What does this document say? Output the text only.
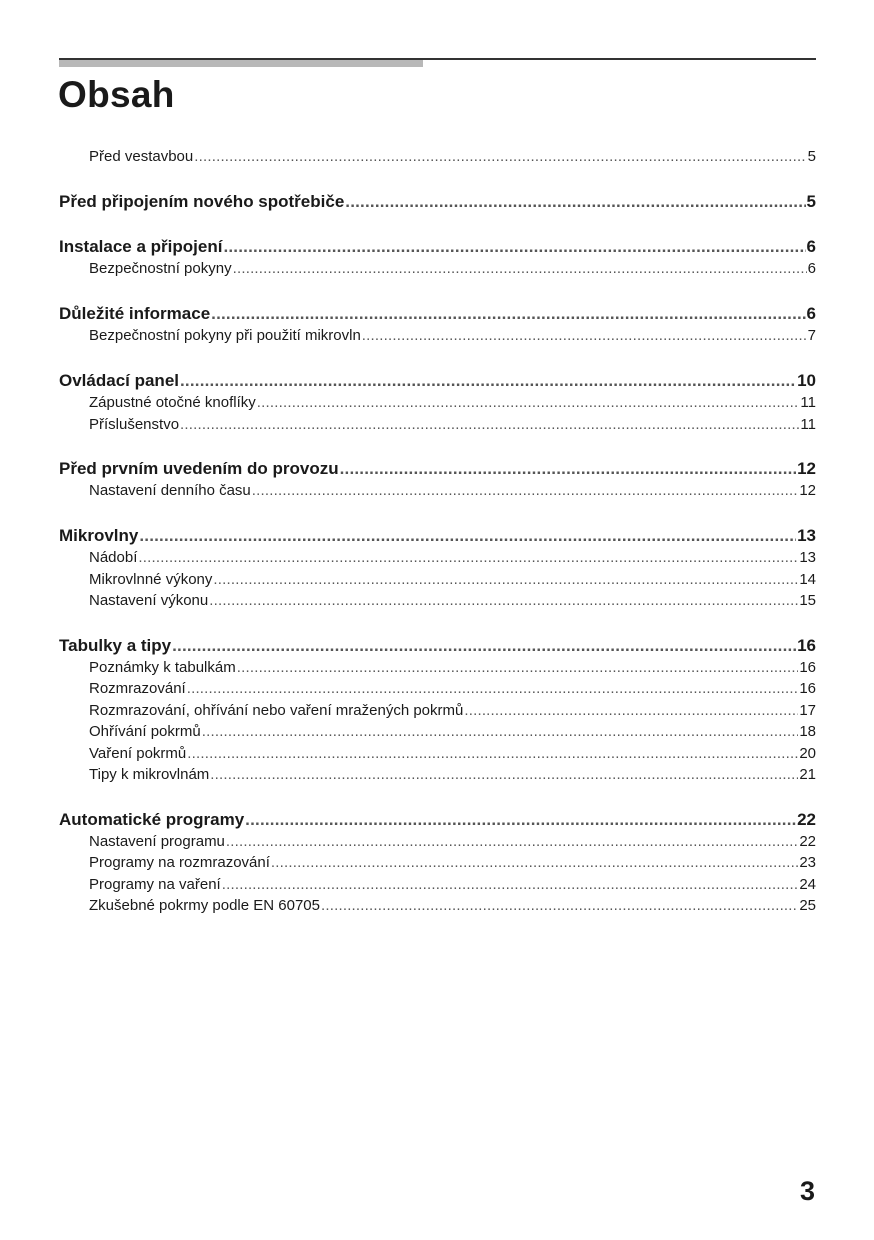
Obsah
Před vestavbou .....	5
Před připojením nového spotřebiče .....	5
Instalace a připojení .....	6
Bezpečnostní pokyny .....	6
Důležité informace .....	6
Bezpečnostní pokyny při použití mikrovln .....	7
Ovládací panel .....	10
Zápustné otočné knoflíky .....	11
Příslušenstvo .....	11
Před prvním uvedením do provozu .....	12
Nastavení denního času .....	12
Mikrovlny .....	13
Nádobí .....	13
Mikrovlnné výkony .....	14
Nastavení výkonu .....	15
Tabulky a tipy .....	16
Poznámky k tabulkám .....	16
Rozmrazování .....	16
Rozmrazování, ohřívání nebo vaření mražených pokrmů .....	17
Ohřívání pokrmů .....	18
Vaření pokrmů .....	20
Tipy k mikrovlnám .....	21
Automatické programy .....	22
Nastavení programu .....	22
Programy na rozmrazování .....	23
Programy na vaření .....	24
Zkušebné pokrmy podle EN 60705 .....	25
3
